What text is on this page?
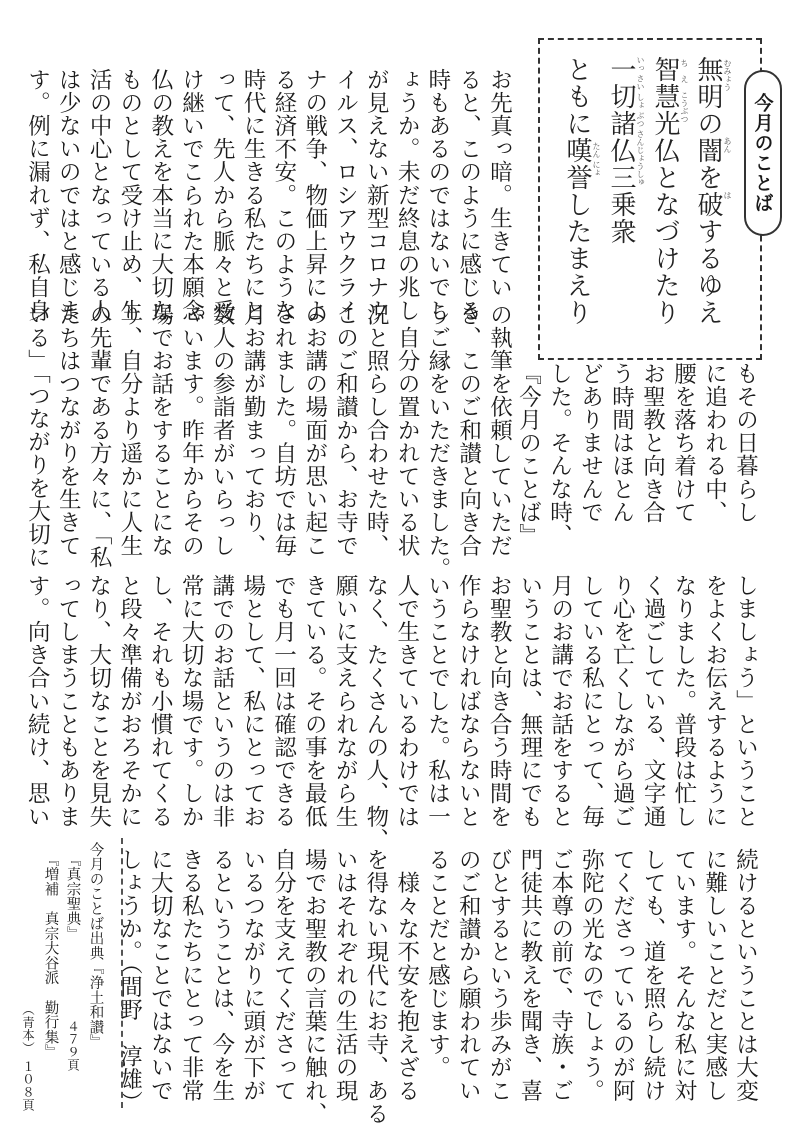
今月のことば
無明の闇を破するゆえ
智慧光仏となづけたり
一切諸仏三乗衆
ともに嘆誉したまえり	むみょう
あん
は
ち　え　こうぶつ
いっ さい しょ ぶつ さんじょうしゅ
たん にょ
お先真っ暗。生きてい
ると、このように感じる
時もあるのではないでし
ょうか。未だ終息の兆し
が見えない新型コロナウ
イルス、ロシアウクライ
ナの戦争、物価上昇によ
る経済不安。このような
時代に生きる私たちにと
って、先人から脈々と受
け継いでこられた本願念
仏の教えを本当に大切な
ものとして受け止め、生
活の中心となっている人
は少ないのではと感じま
す。例に漏れず、私自身
もその日暮らし
に追われる中、
腰を落ち着けて
お聖教と向き合
う時間はほとん
どありませんで
した。そんな時、
『今月のことば』
の執筆を依頼していただ
き、このご和讃と向き合
うご縁をいただきました。
　自分の置かれている状
況と照らし合わせた時、
このご和讃から、お寺で
のお講の場面が思い起こ
されました。自坊では毎
月お講が勤まっており、
数人の参詣者がいらっし
ゃいます。昨年からその
場でお話をすることにな
り、自分より遥かに人生
の先輩である方々に、「私
たちはつながりを生きて
いる」「つながりを大切に
しましょう」ということ
をよくお伝えするように
なりました。普段は忙し
く過ごしている、文字通
り心を亡くしながら過ご
している私にとって、毎
月のお講でお話をすると
いうことは、無理にでも
お聖教と向き合う時間を
作らなければならないと
いうことでした。私は一
人で生きているわけでは
なく、たくさんの人、物、
願いに支えられながら生
きている。その事を最低
でも月一回は確認できる
場として、私にとってお
講でのお話というのは非
常に大切な場です。しか
し、それも小慣れてくる
と段々準備がおろそかに
なり、大切なことを見失
ってしまうこともありま
す。向き合い続け、思い
続けるということは大変
に難しいことだと実感し
ています。そんな私に対
しても、道を照らし続け
てくださっているのが阿
弥陀の光なのでしょう。
ご本尊の前で、寺族・ご
門徒共に教えを聞き、喜
びとするという歩みがこ
のご和讃から願われてい
ることだと感じます。
　様々な不安を抱えざる
を得ない現代にお寺、ある
いはそれぞれの生活の現
場でお聖教の言葉に触れ、
自分を支えてくださって
いるつながりに頭が下が
るということは、今を生
きる私たちにとって非常
に大切なことではないで
しょうか。（間野　淳雄）
今月のことば出典『浄土和讃』
『真宗聖典』
４７９頁
『増補　真宗大谷派　勤行集』
（青本）
１０８頁
